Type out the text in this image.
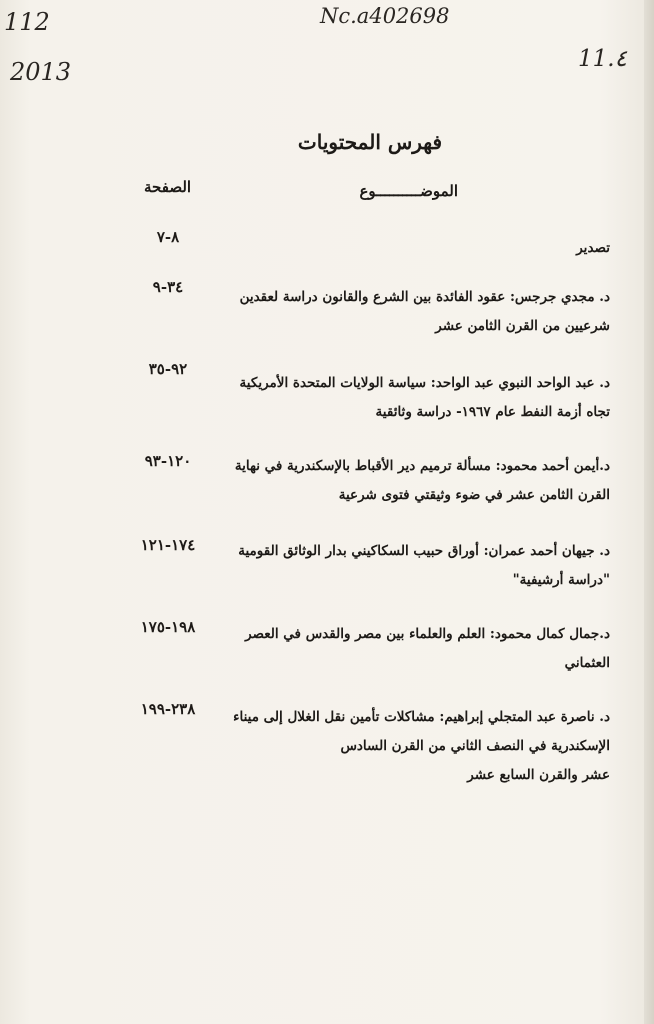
112
2013
Nc.a402698
11.٤
فهرس المحتويات
الموضــــــــــوع
الصفحة
تصدير
٨-٧
د. مجدي جرجس: عقود الفائدة بين الشرع والقانون دراسة لعقدين
شرعيين من القرن الثامن عشر
٣٤-٩
د. عبد الواحد النبوي عبد الواحد: سياسة الولايات المتحدة الأمريكية
تجاه أزمة النفط عام ١٩٦٧- دراسة وثائقية
٩٢-٣٥
د.أيمن أحمد محمود: مسألة ترميم دير الأقباط بالإسكندرية في نهاية
القرن الثامن عشر في ضوء وثيقتي فتوى شرعية
١٢٠-٩٣
د. جيهان أحمد عمران: أوراق حبيب السكاكيني بدار الوثائق القومية
"دراسة أرشيفية"
١٧٤-١٢١
د.جمال كمال محمود: العلم والعلماء بين مصر والقدس في العصر
العثماني
١٩٨-١٧٥
د. ناصرة عبد المتجلي إبراهيم: مشاكلات تأمين نقل الغلال إلى ميناء
الإسكندرية في النصف الثاني من القرن السادس
عشر والقرن السابع عشر
٢٣٨-١٩٩
